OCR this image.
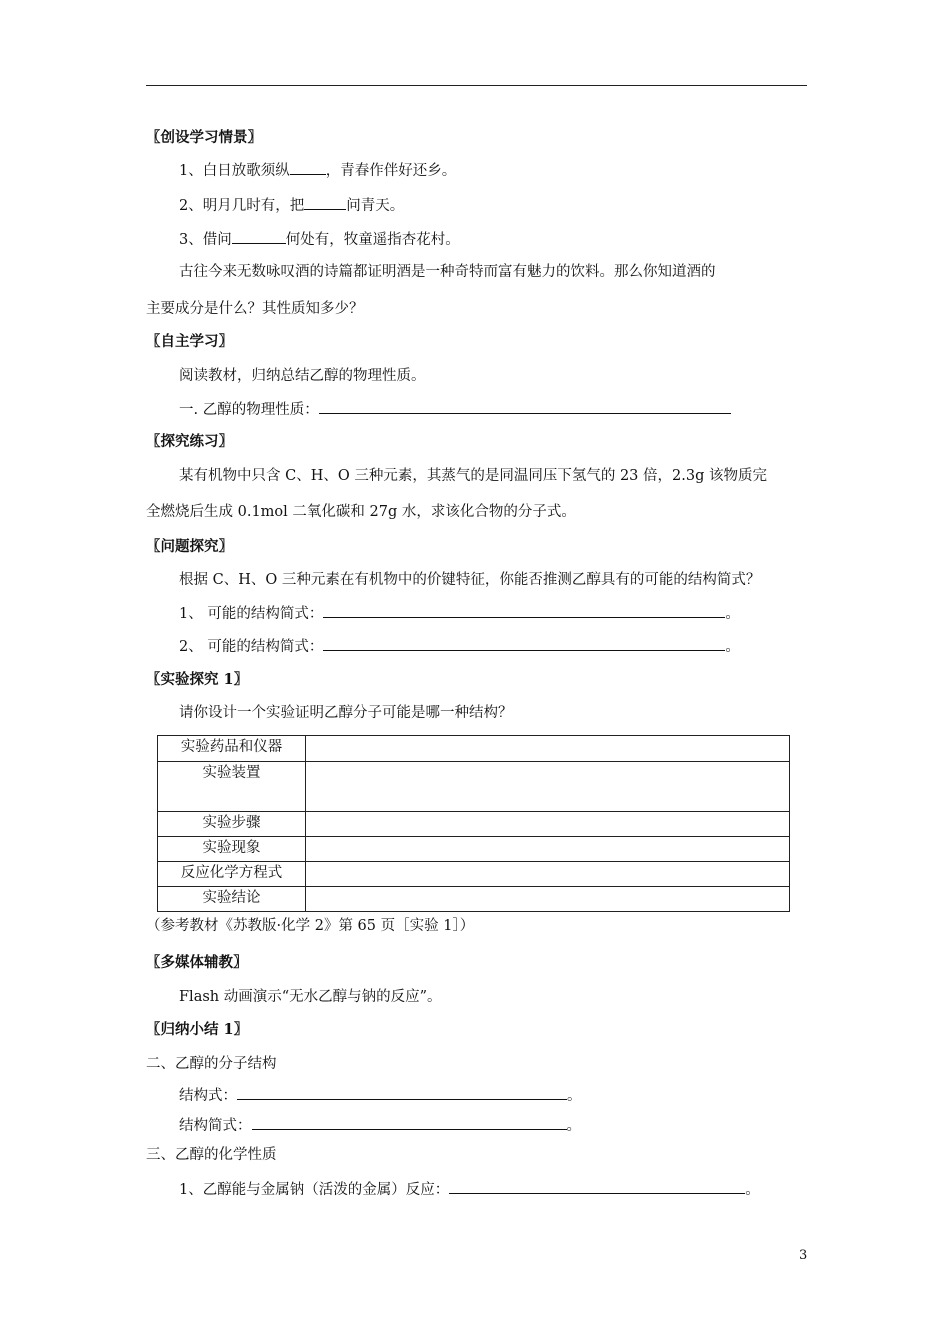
〖创设学习情景〗
1、白日放歌须纵 ，青春作伴好还乡。
2、明月几时有，把	问青天。
3、借问	何处有，牧童遥指杏花村。
古往今来无数咏叹酒的诗篇都证明酒是一种奇特而富有魅力的饮料。那么你知道酒的
主要成分是什么？其性质知多少？
〖自主学习〗
阅读教材，归纳总结乙醇的物理性质。
一. 乙醇的物理性质：
〖探究练习〗
某有机物中只含 C、H、O 三种元素，其蒸气的是同温同压下氢气的 23 倍，2.3g 该物质完
全燃烧后生成 0.1mol 二氧化碳和 27g 水，求该化合物的分子式。
〖问题探究〗
根据 C、H、O 三种元素在有机物中的价键特征，你能否推测乙醇具有的可能的结构简式？
1、 可能的结构简式：	。
2、 可能的结构简式：	。
〖实验探究 1〗
请你设计一个实验证明乙醇分子可能是哪一种结构？
实验药品和仪器	
实验装置	
实验步骤	
实验现象	
反应化学方程式	
实验结论	
（参考教材《苏教版·化学 2》第 65 页［实验 1］）
〖多媒体辅教〗
Flash 动画演示“无水乙醇与钠的反应”。
〖归纳小结 1〗
二、乙醇的分子结构
结构式：	。
结构简式：	。
三、乙醇的化学性质
1、乙醇能与金属钠（活泼的金属）反应：	。
3
